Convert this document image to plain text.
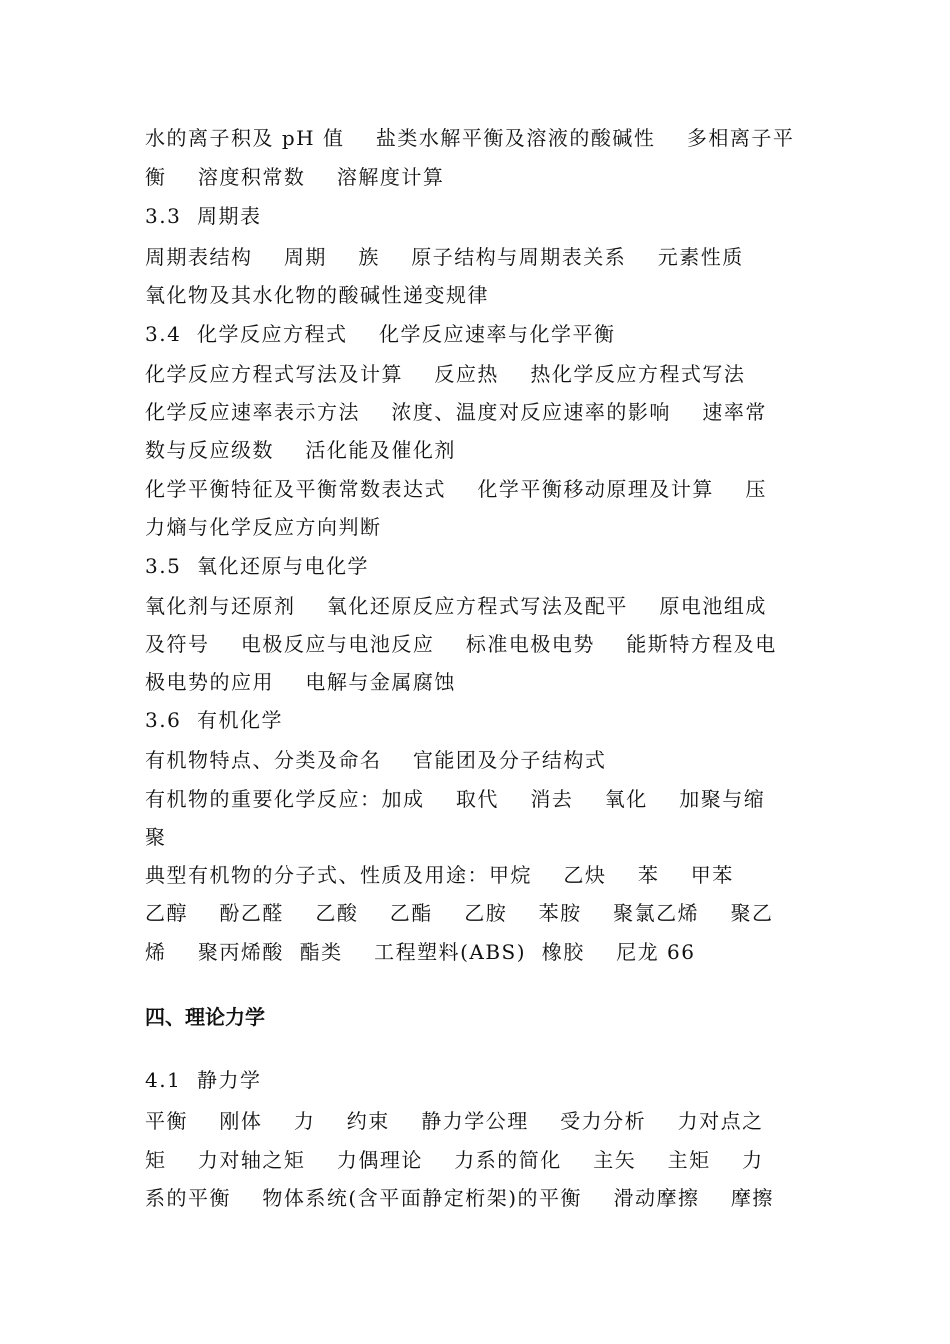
水的离子积及 pH 值    盐类水解平衡及溶液的酸碱性    多相离子平
衡    溶度积常数    溶解度计算
3.3  周期表
周期表结构    周期    族    原子结构与周期表关系    元素性质
氧化物及其水化物的酸碱性递变规律
3.4  化学反应方程式    化学反应速率与化学平衡
化学反应方程式写法及计算    反应热    热化学反应方程式写法
化学反应速率表示方法    浓度、温度对反应速率的影响    速率常
数与反应级数    活化能及催化剂
化学平衡特征及平衡常数表达式    化学平衡移动原理及计算    压
力熵与化学反应方向判断
3.5  氧化还原与电化学
氧化剂与还原剂    氧化还原反应方程式写法及配平    原电池组成
及符号    电极反应与电池反应    标准电极电势    能斯特方程及电
极电势的应用    电解与金属腐蚀
3.6  有机化学
有机物特点、分类及命名    官能团及分子结构式
有机物的重要化学反应：加成    取代    消去    氧化    加聚与缩
聚
典型有机物的分子式、性质及用途：甲烷    乙炔    苯    甲苯
乙醇    酚乙醛    乙酸    乙酯    乙胺    苯胺    聚氯乙烯    聚乙
烯    聚丙烯酸  酯类    工程塑料(ABS)  橡胶    尼龙 66
四、理论力学
4.1  静力学
平衡    刚体    力    约束    静力学公理    受力分析    力对点之
矩    力对轴之矩    力偶理论    力系的简化    主矢    主矩    力
系的平衡    物体系统(含平面静定桁架)的平衡    滑动摩擦    摩擦
